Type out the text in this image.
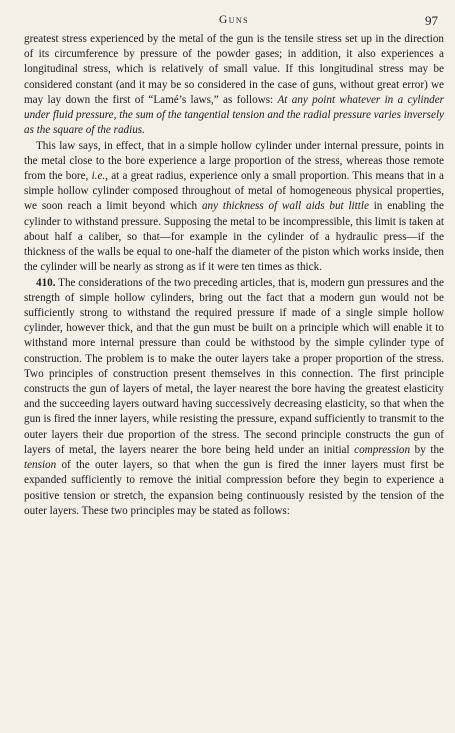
Guns	97

greatest stress experienced by the metal of the gun is the tensile stress set up in the direction of its circumference by pressure of the powder gases; in addition, it also experiences a longitudinal stress, which is relatively of small value. If this longitudinal stress may be considered constant (and it may be so considered in the case of guns, without great error) we may lay down the first of “Lamé’s laws,” as follows: At any point whatever in a cylinder under fluid pressure, the sum of the tangential tension and the radial pressure varies inversely as the square of the radius.

This law says, in effect, that in a simple hollow cylinder under internal pressure, points in the metal close to the bore experience a large proportion of the stress, whereas those remote from the bore, i.e., at a great radius, experience only a small proportion. This means that in a simple hollow cylinder composed throughout of metal of homogeneous physical properties, we soon reach a limit beyond which any thickness of wall aids but little in enabling the cylinder to withstand pressure. Supposing the metal to be incompressible, this limit is taken at about half a caliber, so that—for example in the cylinder of a hydraulic press—if the thickness of the walls be equal to one-half the diameter of the piston which works inside, then the cylinder will be nearly as strong as if it were ten times as thick.

410. The considerations of the two preceding articles, that is, modern gun pressures and the strength of simple hollow cylinders, bring out the fact that a modern gun would not be sufficiently strong to withstand the required pressure if made of a single simple hollow cylinder, however thick, and that the gun must be built on a principle which will enable it to withstand more internal pressure than could be withstood by the simple cylinder type of construction. The problem is to make the outer layers take a proper proportion of the stress. Two principles of construction present themselves in this connection. The first principle constructs the gun of layers of metal, the layer nearest the bore having the greatest elasticity and the succeeding layers outward having successively decreasing elasticity, so that when the gun is fired the inner layers, while resisting the pressure, expand sufficiently to transmit to the outer layers their due proportion of the stress. The second principle constructs the gun of layers of metal, the layers nearer the bore being held under an initial compression by the tension of the outer layers, so that when the gun is fired the inner layers must first be expanded sufficiently to remove the initial compression before they begin to experience a positive tension or stretch, the expansion being continuously resisted by the tension of the outer layers. These two principles may be stated as follows:
